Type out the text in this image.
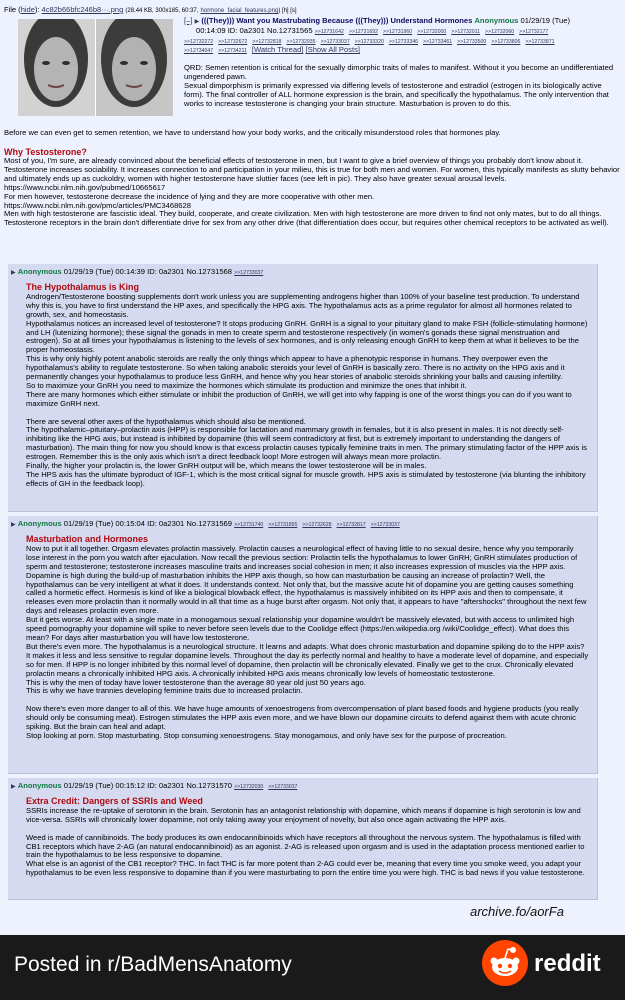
File (hide): 4c82b66bfc246b8···.png (28.44 KB, 300x185, 60:37, hormone_facial_features.png) [h] [s]
[–] ▶ (((They))) Want you Mastrubating Because (((They))) Understand Hormones Anonymous 01/29/19 (Tue)
00:14:09 ID: 0a2301 No.12731565 >>12731642 >>12731692 >>12731960 >>12732000 >>12732011 >>12732060 >>12732177
>>12732272 >>12732672 >>12732818 >>12732935 >>12733037 >>12733320 >>12733346 >>12733461 >>12733500 >>12733806 >>12733871
>>12734047 >>12734211 [Watch Thread] [Show All Posts]

QRD: Semen retention is critical for the sexually dimorphic traits of males to manifest. Without it you become an undifferentiated ungendered pawn.

Sexual dimporphism is primarily expressed via differing levels of testosterone and estradiol (estrogen in its biologically active form). The final controller of ALL hormone expression is the brain, and specifically the hypothalamus. The only intervention that works to increase testosterone is changing your brain structure. Masturbation is proven to do this.

Before we can even get to semen retention, we have to understand how your body works, and the critically misunderstood roles that hormones play.

Why Testosterone?

Most of you, I'm sure, are already convinced about the beneficial effects of testosterone in men, but I want to give a brief overview of things you probably don't know about it.

Testosterone increases sociability. It increases connection to and participation in your milieu, this is true for both men and women. For women, this typically manifests as slutty behavior and ultimately ends up as cuckoldry, women with higher testosterone have sluttier faces (see left in pic). They also have greater sexual arousal levels.

https://www.ncbi.nlm.nih.gov/pubmed/10665617

For men however, testosterone decrease the incidence of lying and they are more cooperative with other men.

https://www.ncbi.nlm.nih.gov/pmc/articles/PMC3468628

Men with high testosterone are fascistic ideal. They build, cooperate, and create civilization. Men with high testosterone are more driven to find not only mates, but to do all things. Testosterone receptors in the brain don't differentiate drive for sex from any other drive (that differentiation does occur, but requires other chemical receptors to be activated as well).

▶ Anonymous 01/29/19 (Tue) 00:14:39 ID: 0a2301 No.12731568 >>12733037
The Hypothalamus is King

Androgen/Testosterone boosting supplements don't work unless you are supplementing androgens higher than 100% of your baseline test production. To understand why this is, you have to first understand the HP axes, and specifically the HPG axis. The hypothalamus acts as a prime regulator for almost all hormones related to growth, sex, and homeostasis.

Hypothalamus notices an increased level of testosterone? It stops producing GnRH. GnRH is a signal to your pituitary gland to make FSH (follicle-stimulating hormone) and LH (lutenizing hormone); these signal the gonads in men to create sperm and testosterone respectively (in women's gonads these signal menstruation and estrogen). So at all times your hypothalamus is listening to the levels of sex hormones, and is only releasing enough GnRH to keep them at what it believes to be the proper homeostasis.

This is why only highly potent anabolic steroids are really the only things which appear to have a phenotypic response in humans. They overpower even the hypothalamus's ability to regulate testosterone. So when taking anabolic steroids your level of GnRH is basically zero. There is no activity on the HPG axis and it permanently changes your hypothalamus to produce less GnRH, and hence why you hear stories of anabolic steroids shrinking your balls and causing infertility.

So to maximize your GnRH you need to maximize the hormones which stimulate its production and minimize the ones that inhibit it.

There are many hormones which either stimulate or inhibit the production of GnRH, we will get into why fapping is one of the worst things you can do if you want to maximize GnRH next.

There are several other axes of the hypothalamus which should also be mentioned.

The hypothalamic–pituitary–prolactin axis (HPP) is responsible for lactation and mammary growth in females, but it is also present in males. It is not directly self-inhibiting like the HPG axis, but instead is inhibited by dopamine (this will seem contradictory at first, but is extremely important to understanding the dangers of masturbation). The main thing for now you should know is that excess prolactin causes typically feminine traits in men. The primary stimulating factor of the HPP axis is estrogen. Remember this is the only axis which isn't a direct feedback loop! More estrogen will always mean more prolactin.

Finally, the higher your prolactin is, the lower GnRH output will be, which means the lower testosterone will be in males.

The HPS axis has the ultimate byproduct of IGF-1, which is the most critical signal for muscle growth. HPS axis is stimulated by testosterone (via blunting the inhibitory effects of GH in the feedback loop).

▶ Anonymous 01/29/19 (Tue) 00:15:04 ID: 0a2301 No.12731569 >>12731740 >>12731855 >>12732628 >>12732817 >>12733037
Masturbation and Hormones

Now to put it all together. Orgasm elevates prolactin massively. Prolactin causes a neurological effect of having little to no sexual desire, hence why you temporarily lose interest in the porn you watch after ejaculation. Now recall the previous section: Prolactin tells the hypothalamus to lower GnRH; GnRH stimulates production of sperm and testosterone; testosterone increases masculine traits and increases social cohesion in men; it also increases expression of muscles via the HPP axis.

Dopamine is high during the build-up of masturbation inhibits the HPP axis though, so how can masturbation be causing an increase of prolactin? Well, the hypothalamus can be very intelligent at what it does. It understands context. Not only that, but the massive acute hit of dopamine you are getting causes something called a hormetic effect. Hormesis is kind of like a biological blowback effect, the hypothalamus is massively inhibited on its HPP axis and then to compensate, it releases even more prolactin than it normally would in all that time as a huge burst after orgasm. Not only that, it appears to have "aftershocks" throughout the next few days and releases prolactin even more.

But it gets worse. At least with a single mate in a monogamous sexual relationship your dopamine wouldn't be massively elevated, but with access to unlimited high speed pornography your dopamine will spike to never before seen levels due to the Coolidge effect (https://en.wikipedia.org /wiki/Coolidge_effect). What does this mean? For days after masturbation you will have low testosterone.

But there's even more. The hypothalamus is a neurological structure. It learns and adapts. What does chronic masturbation and dopamine spiking do to the HPP axis? It makes it less and less sensitive to regular dopamine levels. Throughout the day its perfectly normal and healthy to have a moderate level of dopamine, and especially so for men. If HPP is no longer inhibited by this normal level of dopamine, then prolactin will be chronically elevated. Finally we get to the crux. Chronically elevated prolactin means a chronically inhibited HPG axis. A chronically inhibited HPG axis means chronically low levels of homeostatic testosterone.

This is why the men of today have lower testosterone than the average 80 year old just 50 years ago.

This is why we have trannies developing feminine traits due to increased prolactin.

Now there's even more danger to all of this. We have huge amounts of xenoestrogens from overcompensation of plant based foods and hygiene products (you really should only be consuming meat). Estrogen stimulates the HPP axis even more, and we have blown our dopamine circuits to defend against them with acute chronic spiking. But the brain can heal and adapt.

Stop looking at porn. Stop masturbating. Stop consuming xenoestrogens. Stay monogamous, and only have sex for the purpose of procreation.

▶ Anonymous 01/29/19 (Tue) 00:15:12 ID: 0a2301 No.12731570 >>12732030 >>12733037
Extra Credit: Dangers of SSRIs and Weed

SSRIs increase the re-uptake of serotonin in the brain. Serotonin has an antagonist relationship with dopamine, which means if dopamine is high serotonin is low and vice-versa. SSRIs will chronically lower dopamine, not only taking away your enjoyment of novelty, but also once again activating the HPP axis.

Weed is made of cannibinoids. The body produces its own endocannibinoids which have receptors all throughout the nervous system. The hypothalamus is filled with CB1 receptors which have 2-AG (an natural endocannibinoid) as an agonist. 2-AG is released upon orgasm and is used in the adaptation process mentioned earlier to train the hypothalamus to be less responsive to dopamine.

What else is an agonist of the CB1 receptor? THC. In fact THC is far more potent than 2-AG could ever be, meaning that every time you smoke weed, you adapt your hypothalamus to be even less responsive to dopamine than if you were masturbating to porn the entire time you were high. THC is bad news if you value testosterone.

archive.fo/aorFa
Posted in r/BadMensAnatomy	reddit
